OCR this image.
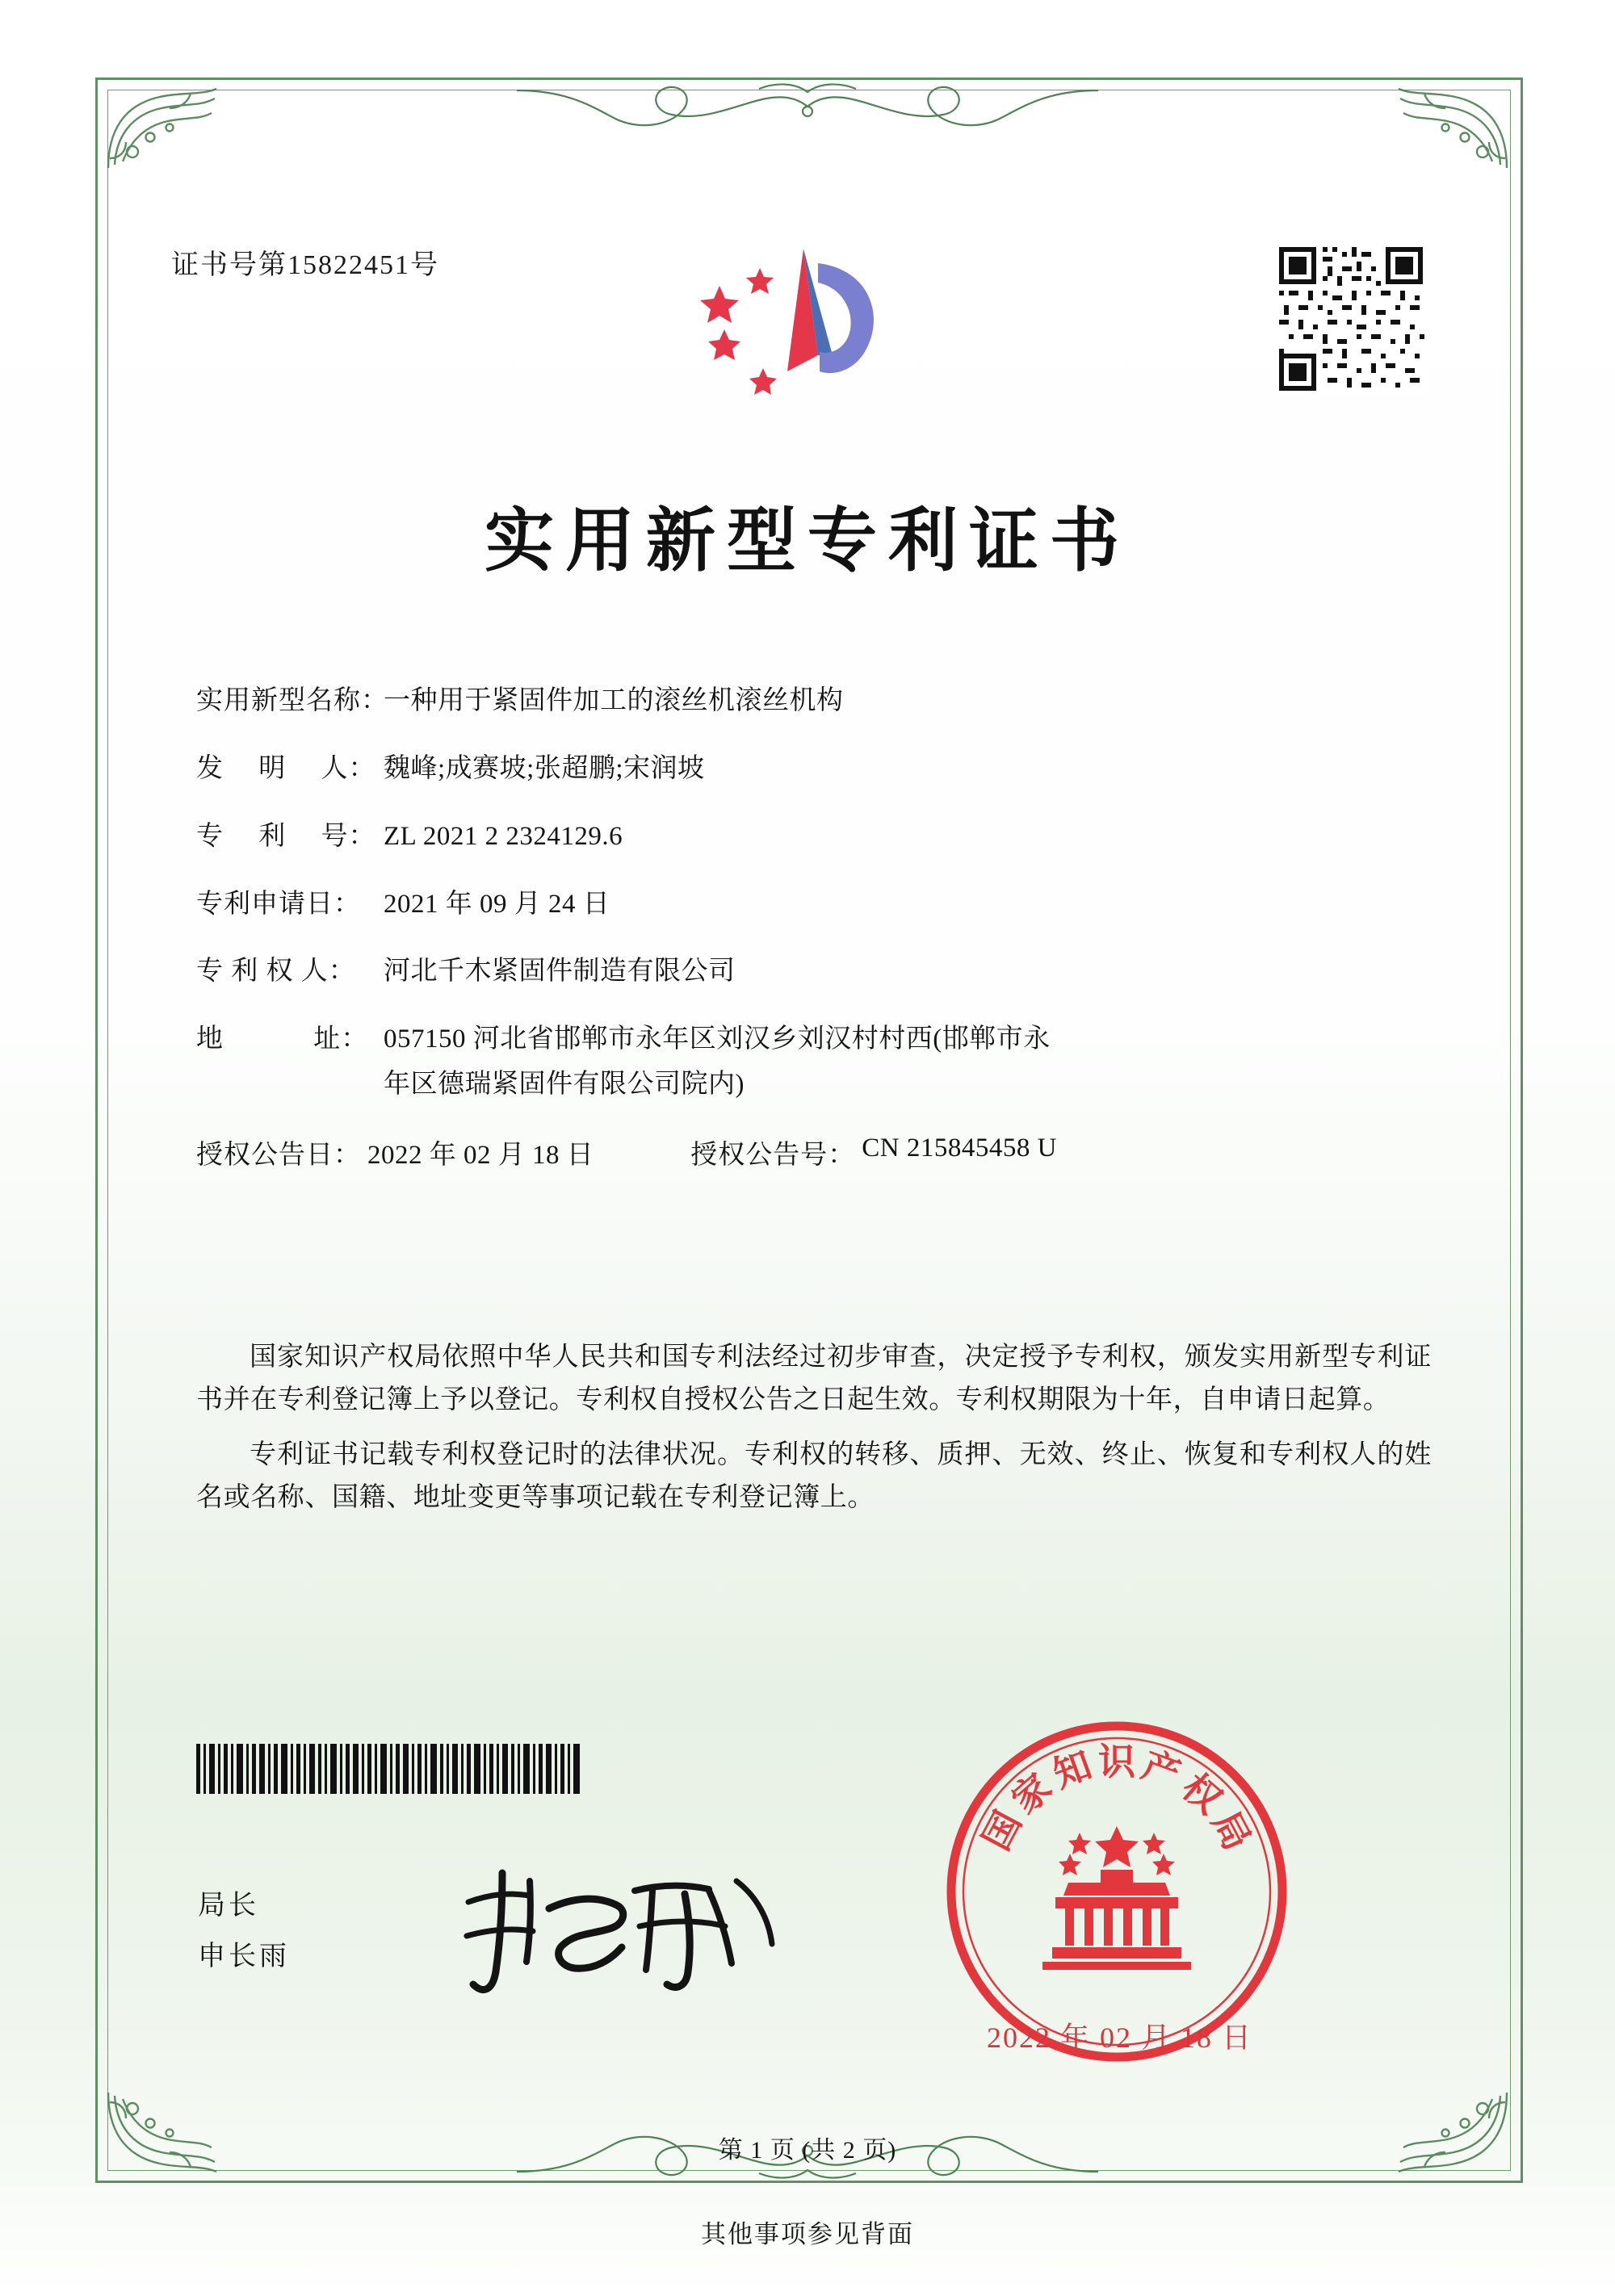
证书号第15822451号
实用新型专利证书
实用新型名称：
一种用于紧固件加工的滚丝机滚丝机构
发　 明 　人： 魏峰;成赛坡;张超鹏;宋润坡
专　 利 　号： ZL 2021 2 2324129.6
专利申请日： 2021 年 09 月 24 日
专 利 权 人：	河北千木紧固件制造有限公司
地　　 　址： 057150 河北省邯郸市永年区刘汉乡刘汉村村西(邯郸市永
年区德瑞紧固件有限公司院内)
授权公告日： 2022 年 02 月 18 日	授权公告号： CN 215845458 U

国家知识产权局依照中华人民共和国专利法经过初步审查，决定授予专利权，颁发实用新型专利证书并在专利登记簿上予以登记。专利权自授权公告之日起生效。专利权期限为十年，自申请日起算。

专利证书记载专利权登记时的法律状况。专利权的转移、质押、无效、终止、恢复和专利权人的姓名或名称、国籍、地址变更等事项记载在专利登记簿上。

局长
申长雨
国
家
知 识 产
权
局
2022 年 02 月 18 日
第 1 页 (共 2 页)
其他事项参见背面
